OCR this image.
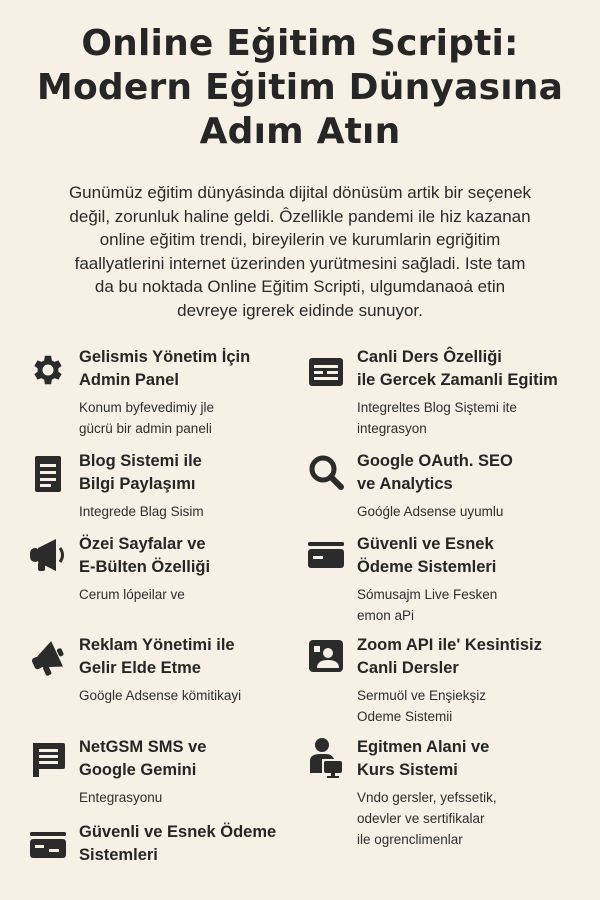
Online Eğitim Scripti:
Modern Eğitim Dünyasına
Adım Atın

Gunümüz eğitim dünyásinda dijital dönüsüm artik bir seçenek
değil, zorunluk haline geldi. Ôzellikle pandemi ile hiz kazanan
online eğitim trendi, bireyilerin ve kurumlarin egriğitim
faallyatlerini internet üzerinden yurütmesini sağladi. Iste tam
da bu noktada Online Eğitim Scripti, ulgumdanaoȧ etin
devreye igrerek eidinde sunuyor.

Gelismis Yönetim İçin
Admin Panel

Konum byfevedimiy jle
gücrü bir admin paneli

Canli Ders Ôzelliği
ile Gercek Zamanli Egitim

Integreltes Blog Siştemi ite
integrasyon

Blog Sistemi ile
Bilgi Paylaşımı

Integrede Blag Sisim

Google OAuth. SEO
ve Analytics

Goóǵle Adsense uyumlu

Özei Sayfalar ve
E-Bülten Özelliği

Cerum lópeilar ve

Güvenli ve Esnek
Ödeme Sistemleri

Sómusajm Live Fesken
emon aPi

Reklam Yönetimi ile
Gelir Elde Etme

Goögle Adsense kömitikayi

Zoom API ile' Kesintisiz
Canli Dersler

Sermuöl ve Enşiekşiz
Odeme Sistemii

NetGSM SMS ve
Google Gemini

Entegrasyonu

Egitmen Alani ve
Kurs Sistemi

Vndo gersler, yefssetik,
odevler ve sertifikalar
ile ogrenclimenlar

Güvenli ve Esnek Ödeme
Sistemleri
